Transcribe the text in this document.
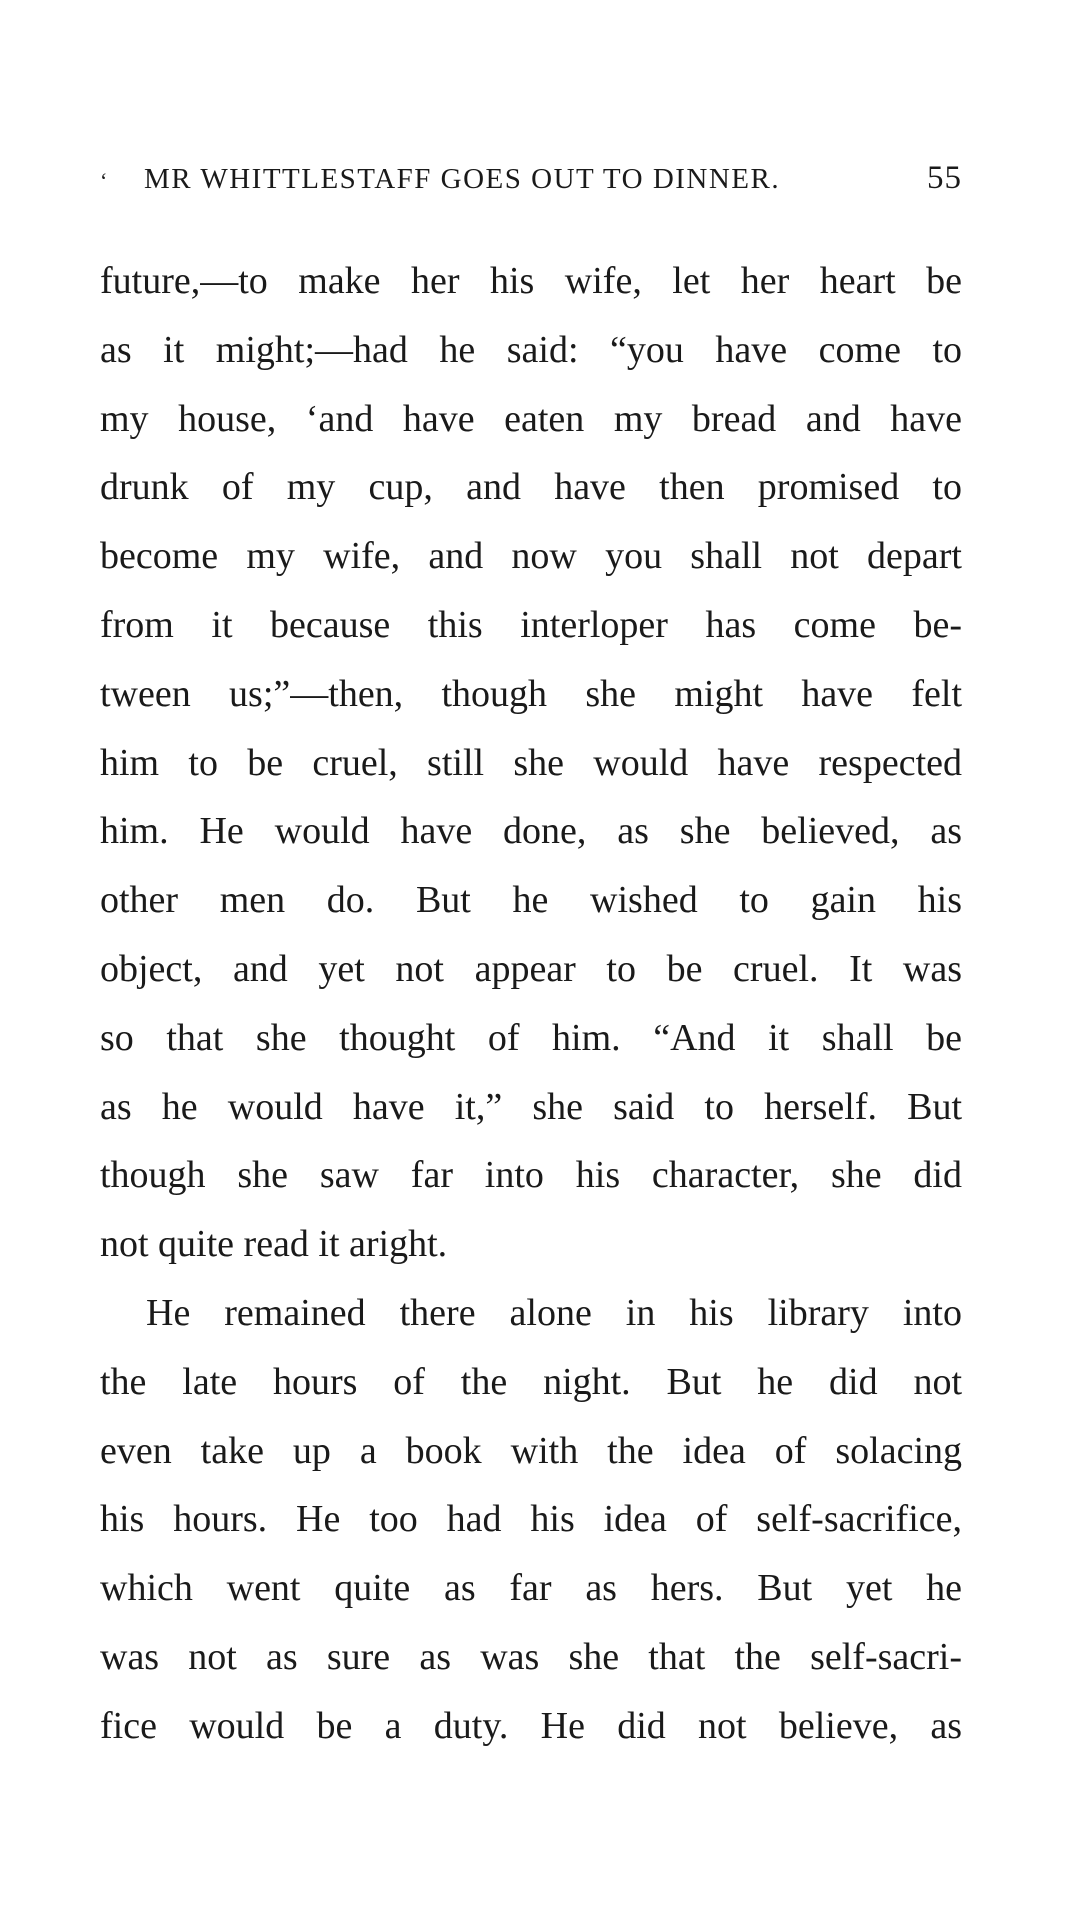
‘	MR WHITTLESTAFF GOES OUT TO DINNER.	55
future,—to make her his wife, let her heart be
as it might;—had he said: “you have come to
my house, ‘and have eaten my bread and have
drunk of my cup, and have then promised to
become my wife, and now you shall not depart
from it because this interloper has come be-
tween us;”—then, though she might have felt
him to be cruel, still she would have respected
him. He would have done, as she believed, as
other men do. But he wished to gain his
object, and yet not appear to be cruel. It was
so that she thought of him. “And it shall be
as he would have it,” she said to herself. But
though she saw far into his character, she did
not quite read it aright.
He remained there alone in his library into
the late hours of the night. But he did not
even take up a book with the idea of solacing
his hours. He too had his idea of self-sacrifice,
which went quite as far as hers. But yet he
was not as sure as was she that the self-sacri-
fice would be a duty. He did not believe, as
